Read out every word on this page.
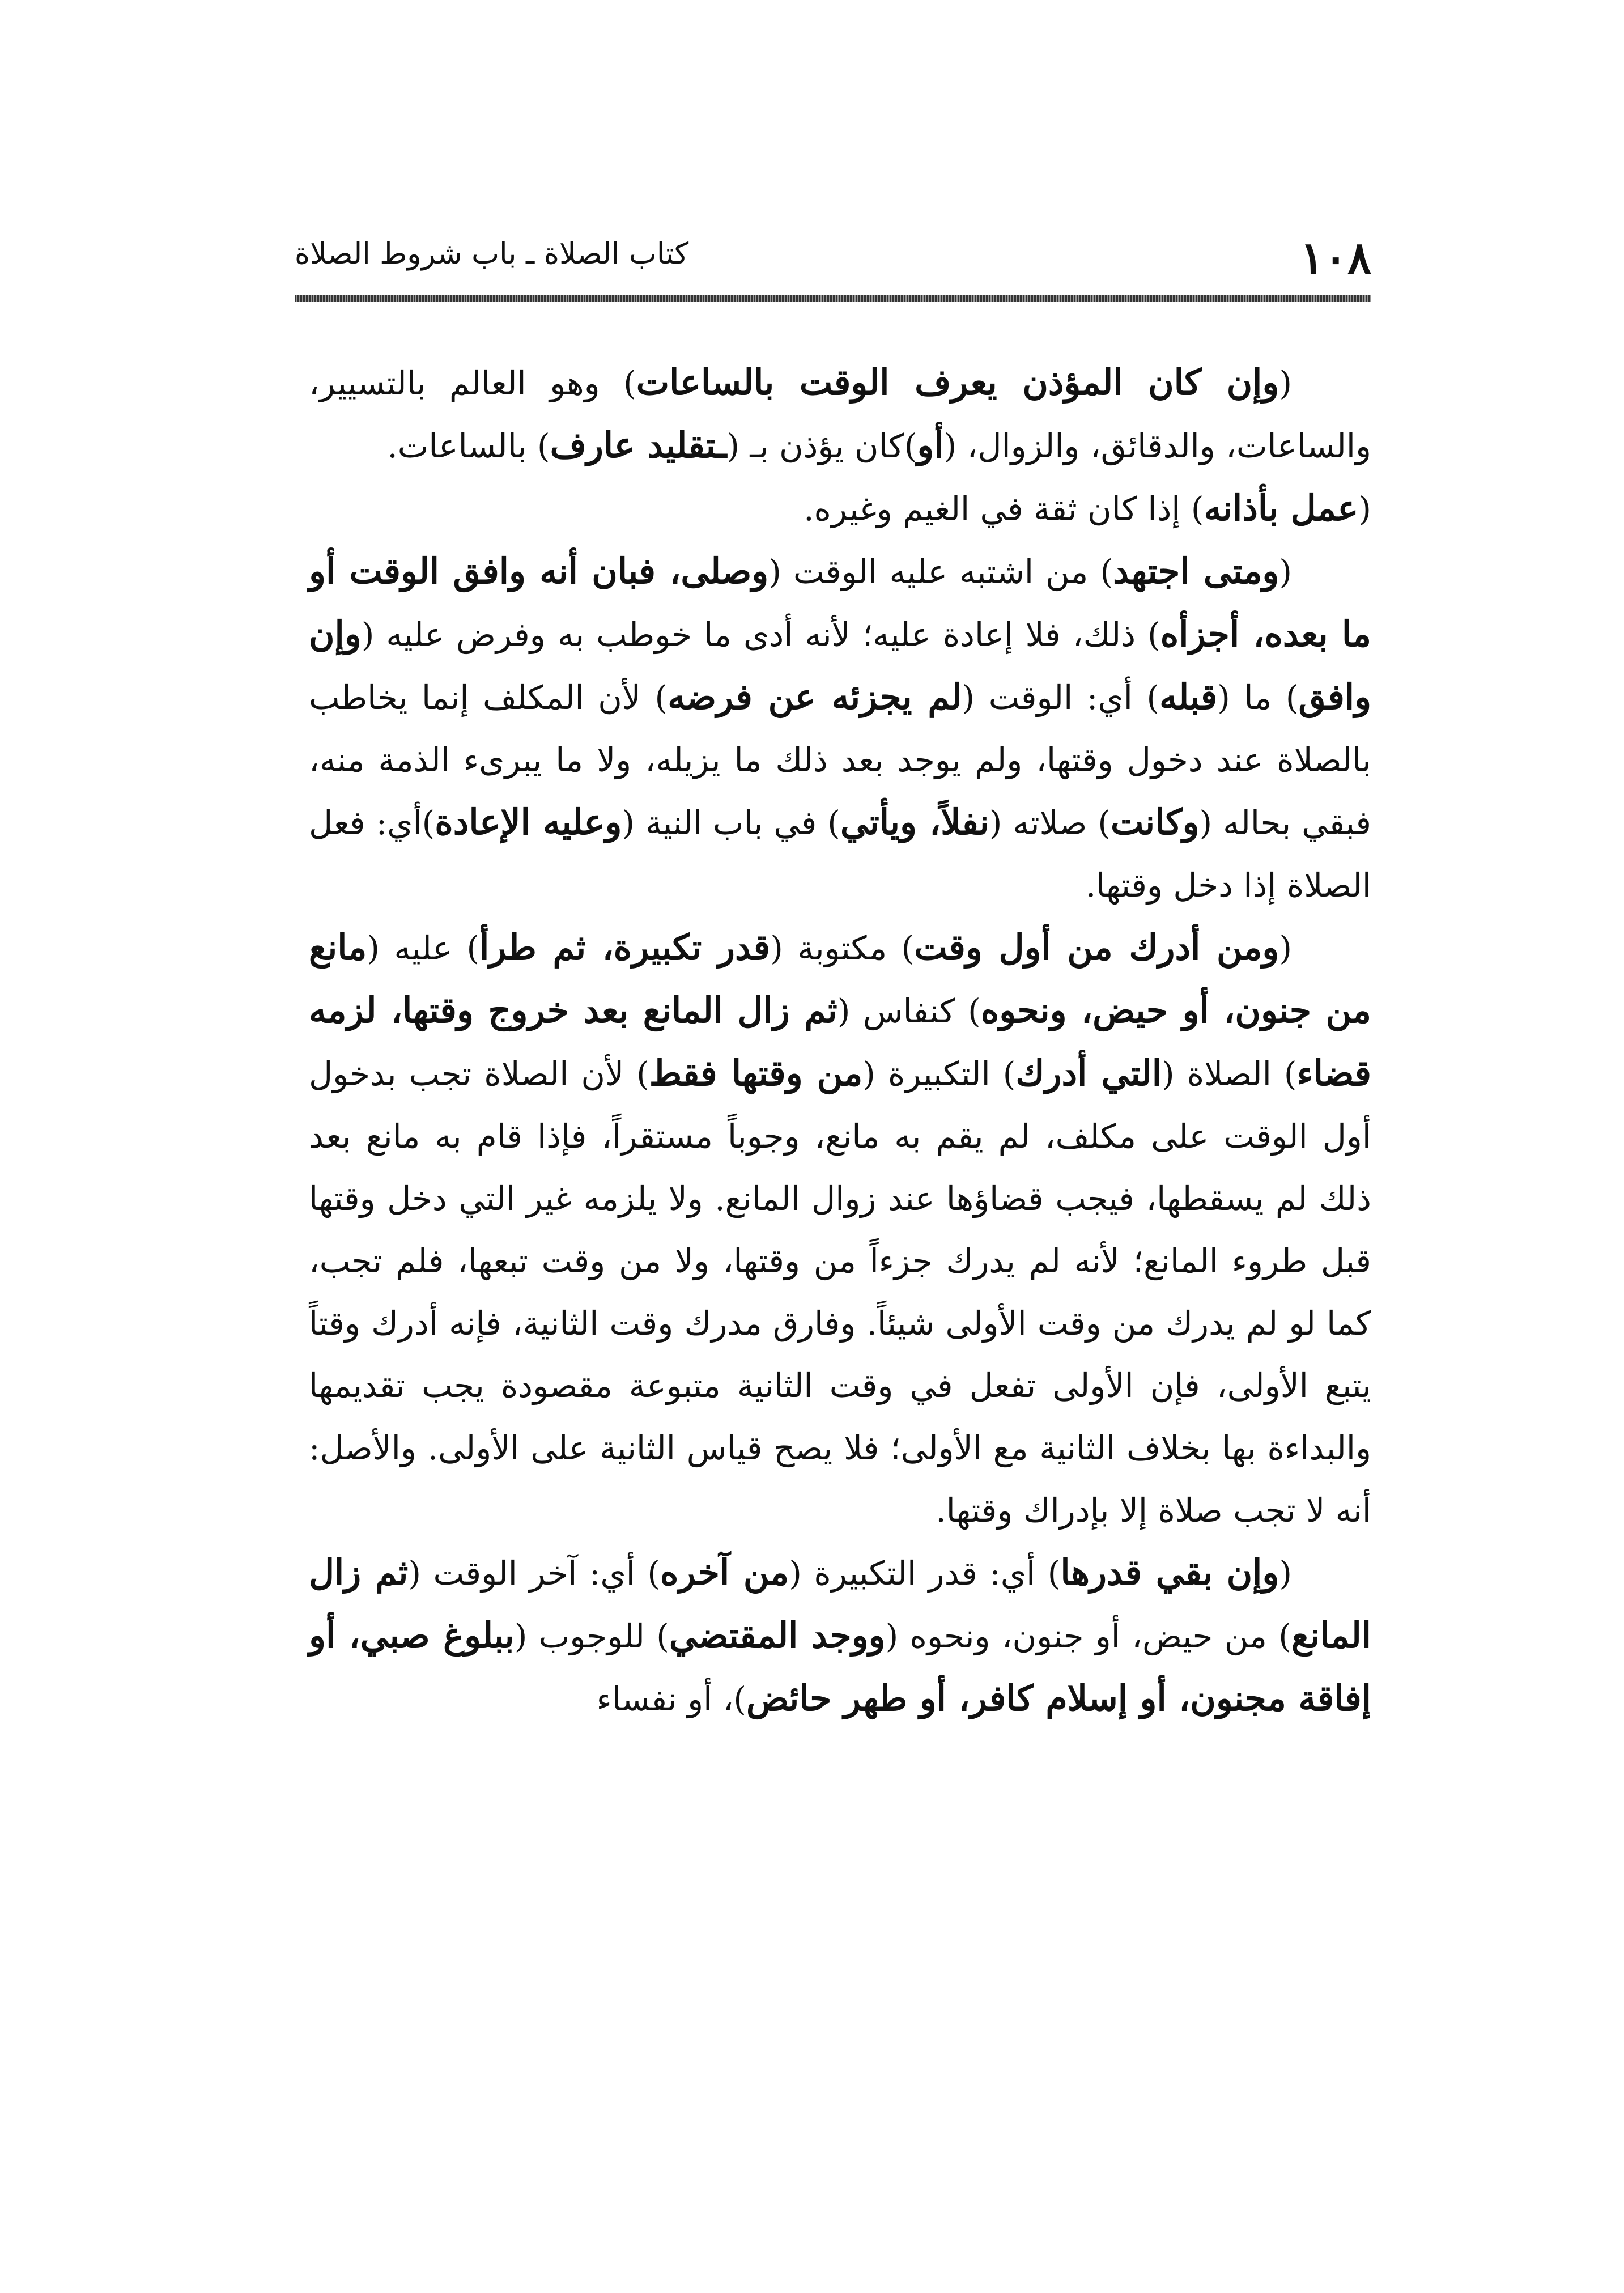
١٠٨
كتاب الصلاة ـ باب شروط الصلاة

(وإن كان المؤذن يعرف الوقت بالساعات) وهو العالم بالتسيير، والساعات، والدقائق، والزوال، (أو)كان يؤذن بـ (ـتقليد عارف) بالساعات.

(عمل بأذانه) إذا كان ثقة في الغيم وغيره.

(ومتى اجتهد) من اشتبه عليه الوقت (وصلى، فبان أنه وافق الوقت أو ما بعده، أجزأه) ذلك، فلا إعادة عليه؛ لأنه أدى ما خوطب به وفرض عليه (وإن وافق) ما (قبله) أي: الوقت (لم يجزئه عن فرضه) لأن المكلف إنما يخاطب بالصلاة عند دخول وقتها، ولم يوجد بعد ذلك ما يزيله، ولا ما يبرىء الذمة منه، فبقي بحاله (وكانت) صلاته (نفلاً، ويأتي) في باب النية (وعليه الإعادة)أي: فعل الصلاة إذا دخل وقتها.

(ومن أدرك من أول وقت) مكتوبة (قدر تكبيرة، ثم طرأ) عليه (مانع من جنون، أو حيض، ونحوه) كنفاس (ثم زال المانع بعد خروج وقتها، لزمه قضاء) الصلاة (التي أدرك) التكبيرة (من وقتها فقط) لأن الصلاة تجب بدخول أول الوقت على مكلف، لم يقم به مانع، وجوباً مستقراً، فإذا قام به مانع بعد ذلك لم يسقطها، فيجب قضاؤها عند زوال المانع. ولا يلزمه غير التي دخل وقتها قبل طروء المانع؛ لأنه لم يدرك جزءاً من وقتها، ولا من وقت تبعها، فلم تجب، كما لو لم يدرك من وقت الأولى شيئاً. وفارق مدرك وقت الثانية، فإنه أدرك وقتاً يتبع الأولى، فإن الأولى تفعل في وقت الثانية متبوعة مقصودة يجب تقديمها والبداءة بها بخلاف الثانية مع الأولى؛ فلا يصح قياس الثانية على الأولى. والأصل: أنه لا تجب صلاة إلا بإدراك وقتها.

(وإن بقي قدرها) أي: قدر التكبيرة (من آخره) أي: آخر الوقت (ثم زال المانع) من حيض، أو جنون، ونحوه (ووجد المقتضي) للوجوب (ببلوغ صبي، أو إفاقة مجنون، أو إسلام كافر، أو طهر حائض)، أو نفساء
